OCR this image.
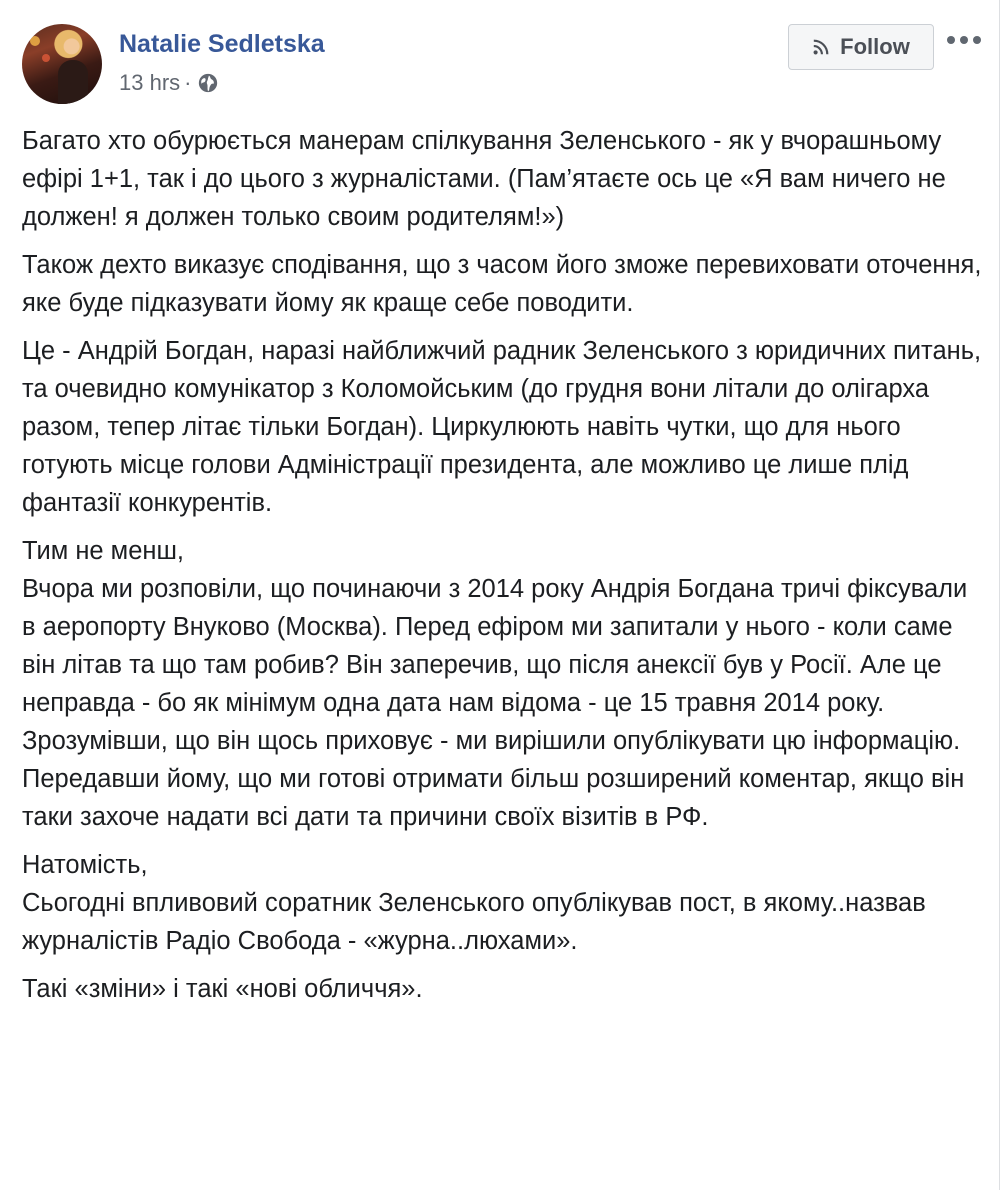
Natalie Sedletska
13 hrs ·
Follow

Багато хто обурюється манерам спілкування Зеленського - як у вчорашньому ефірі 1+1, так і до цього з журналістами. (Пам’ятаєте ось це «Я вам ничего не должен! я должен только своим родителям!»)

Також дехто виказує сподівання, що з часом його зможе перевиховати оточення, яке буде підказувати йому як краще себе поводити.

Це - Андрій Богдан, наразі найближчий радник Зеленського з юридичних питань, та очевидно комунікатор з Коломойським (до грудня вони літали до олігарха разом, тепер літає тільки Богдан). Циркулюють навіть чутки, що для нього готують місце голови Адміністрації президента, але можливо це лише плід фантазії конкурентів.

Тим не менш,
Вчора ми розповіли, що починаючи з 2014 року Андрія Богдана тричі фіксували в аеропорту Внуково (Москва). Перед ефіром ми запитали у нього - коли саме він літав та що там робив? Він заперечив, що після анексії був у Росії. Але це неправда - бо як мінімум одна дата нам відома - це 15 травня 2014 року. Зрозумівши, що він щось приховує - ми вирішили опублікувати цю інформацію. Передавши йому, що ми готові отримати більш розширений коментар, якщо він таки захоче надати всі дати та причини своїх візитів в РФ.

Натомість,
Сьогодні впливовий соратник Зеленського опублікував пост, в якому..назвав журналістів Радіо Свобода - «журна..люхами».

Такі «зміни» і такі «нові обличчя».
